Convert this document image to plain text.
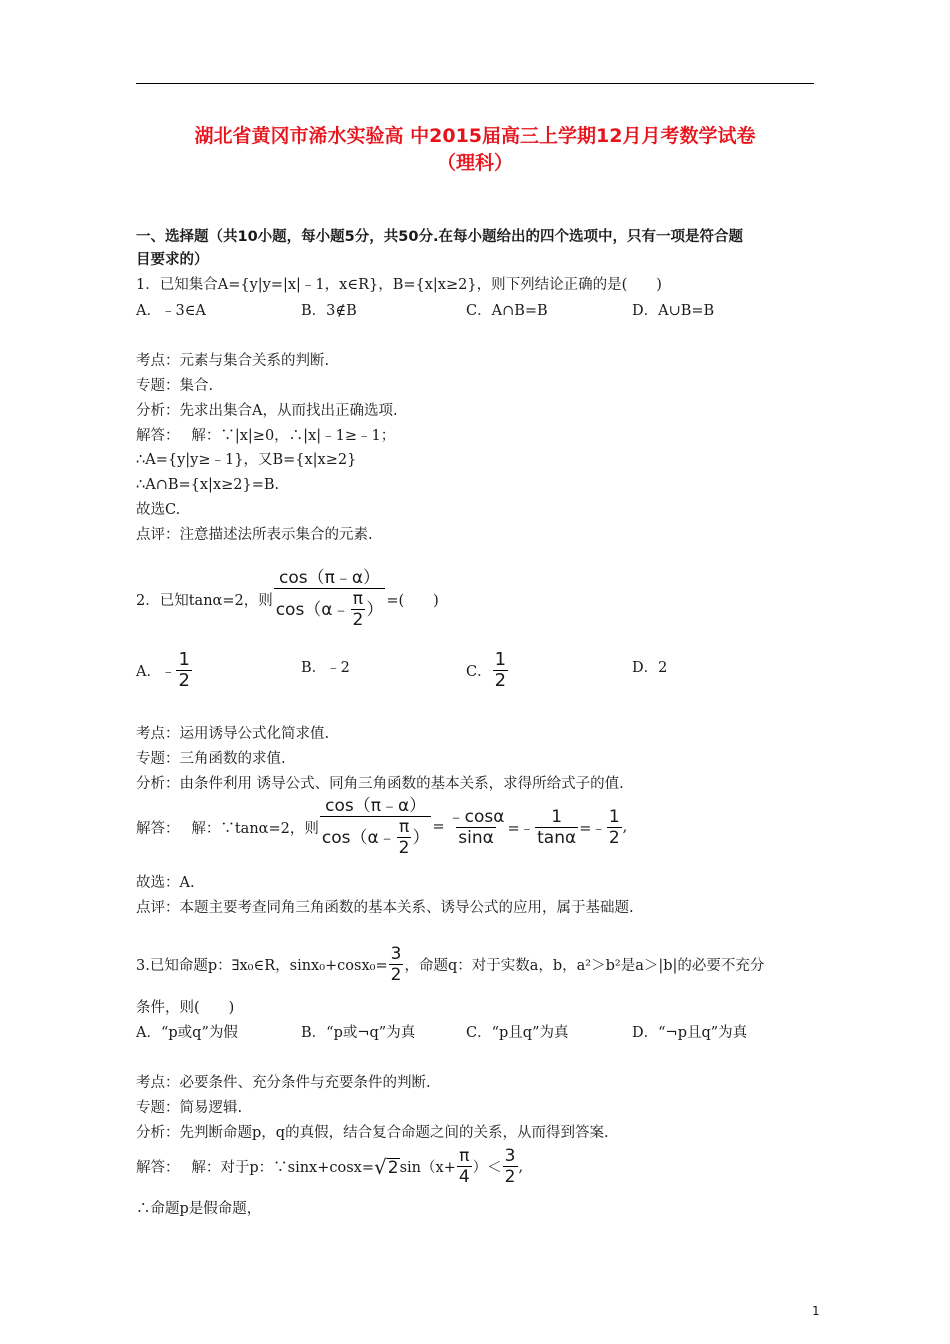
湖北省黄冈市浠水实验高 中2015届高三上学期12月月考数学试卷
（理科）
一、选择题（共10小题，每小题5分，共50分.在每小题给出的四个选项中，只有一项是符合题
目要求的）
1．已知集合A={y|y=|x|﹣1，x∈R}，B={x|x≥2}，则下列结论正确的是(　　)
A．﹣3∈A	B．3∉B	C．A∩B=B	D．A∪B=B
考点：元素与集合关系的判断.
专题：集合.
分析：先求出集合A，从而找出正确选项.
解答：　 解：∵|x|≥0，∴|x|﹣1≥﹣1；
∴A={y|y≥﹣1}，又B={x|x≥2}
∴A∩B={x|x≥2}=B.
故选C.
点评：注意描述法所表示集合的元素.
2．已知tanα=2，则 $\frac{\cos(\pi﹣\alpha)}{\cos(\alpha﹣ \frac{\pi}{2} )}$ =(　　)
A．﹣ $\frac{1}{2}$	B．﹣2	C． $\frac{1}{2}$	D．2
考点：运用诱导公式化简求值.
专题：三角函数的求值.
分析：由条件利用 诱导公式、同角三角函数的基本关系，求得所给式子的值.
解答：　 解：∵tanα=2，则 $\frac{\cos(\pi﹣\alpha)}{\cos(\alpha﹣ \frac{\pi}{2} )} = \frac{﹣\cos\alpha}{\sin\alpha}$ =﹣ $\frac{1}{\tan\alpha}$ =﹣ $\frac{1}{2}$ ,
故选：A.
点评：本题主要考查同角三角函数的基本关系、诱导公式的应用，属于基础题.
3.已知命题p：∃x₀∈R，$\sin x_0+\cos x_0= \frac{3}{2}$ ，命题q：对于实数a，b，a²＞b²是a＞|b|的必要不充分
条件，则(　　)
A．“p或q”为假	B．“p或¬q”为真	C．“p且q”为真	D．“¬p且q”为真
考点：必要条件、充分条件与充要条件的判断.
专题：简易逻辑.
分析：先判断命题p，q的真假，结合复合命题之间的关系，从而得到答案.
解答：　 解：对于p：∵sinx+cosx= √ 2 $\sin(x+ \frac{\pi}{4}$ ）＜ $\frac{3}{2}$ ,
∴命题p是假命题，
1
